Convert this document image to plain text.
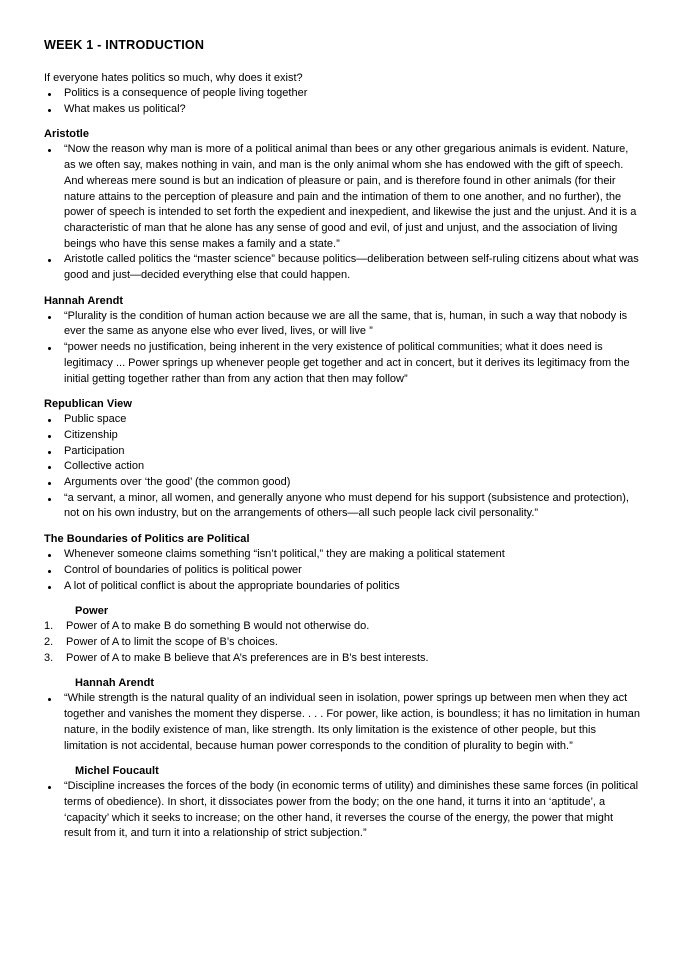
WEEK 1 - INTRODUCTION

If everyone hates politics so much, why does it exist?

Politics is a consequence of people living together
What makes us political?
Aristotle
“Now the reason why man is more of a political animal than bees or any other gregarious animals is evident. Nature, as we often say, makes nothing in vain, and man is the only animal whom she has endowed with the gift of speech. And whereas mere sound is but an indication of pleasure or pain, and is therefore found in other animals (for their nature attains to the perception of pleasure and pain and the intimation of them to one another, and no further), the power of speech is intended to set forth the expedient and inexpedient, and likewise the just and the unjust. And it is a characteristic of man that he alone has any sense of good and evil, of just and unjust, and the association of living beings who have this sense makes a family and a state.”
Aristotle called politics the “master science” because politics—deliberation between self-ruling citizens about what was good and just—decided everything else that could happen.
Hannah Arendt
“Plurality is the condition of human action because we are all the same, that is, human, in such a way that nobody is ever the same as anyone else who ever lived, lives, or will live ”
“power needs no justification, being inherent in the very existence of political communities; what it does need is legitimacy ... Power springs up whenever people get together and act in concert, but it derives its legitimacy from the initial getting together rather than from any action that then may follow”
Republican View
Public space
Citizenship
Participation
Collective action
Arguments over ‘the good’ (the common good)
“a servant, a minor, all women, and generally anyone who must depend for his support (subsistence and protection), not on his own industry, but on the arrangements of others—all such people lack civil personality.”
The Boundaries of Politics are Political
Whenever someone claims something “isn’t political,” they are making a political statement
Control of boundaries of politics is political power
A lot of political conflict is about the appropriate boundaries of politics
Power
Power of A to make B do something B would not otherwise do.
Power of A to limit the scope of B’s choices.
Power of A to make B believe that A’s preferences are in B’s best interests.
Hannah Arendt
“While strength is the natural quality of an individual seen in isolation, power springs up between men when they act together and vanishes the moment they disperse. . . . For power, like action, is boundless; it has no limitation in human nature, in the bodily existence of man, like strength. Its only limitation is the existence of other people, but this limitation is not accidental, because human power corresponds to the condition of plurality to begin with.”
Michel Foucault
“Discipline increases the forces of the body (in economic terms of utility) and diminishes these same forces (in political terms of obedience). In short, it dissociates power from the body; on the one hand, it turns it into an ‘aptitude’, a ‘capacity’ which it seeks to increase; on the other hand, it reverses the course of the energy, the power that might result from it, and turn it into a relationship of strict subjection.”
